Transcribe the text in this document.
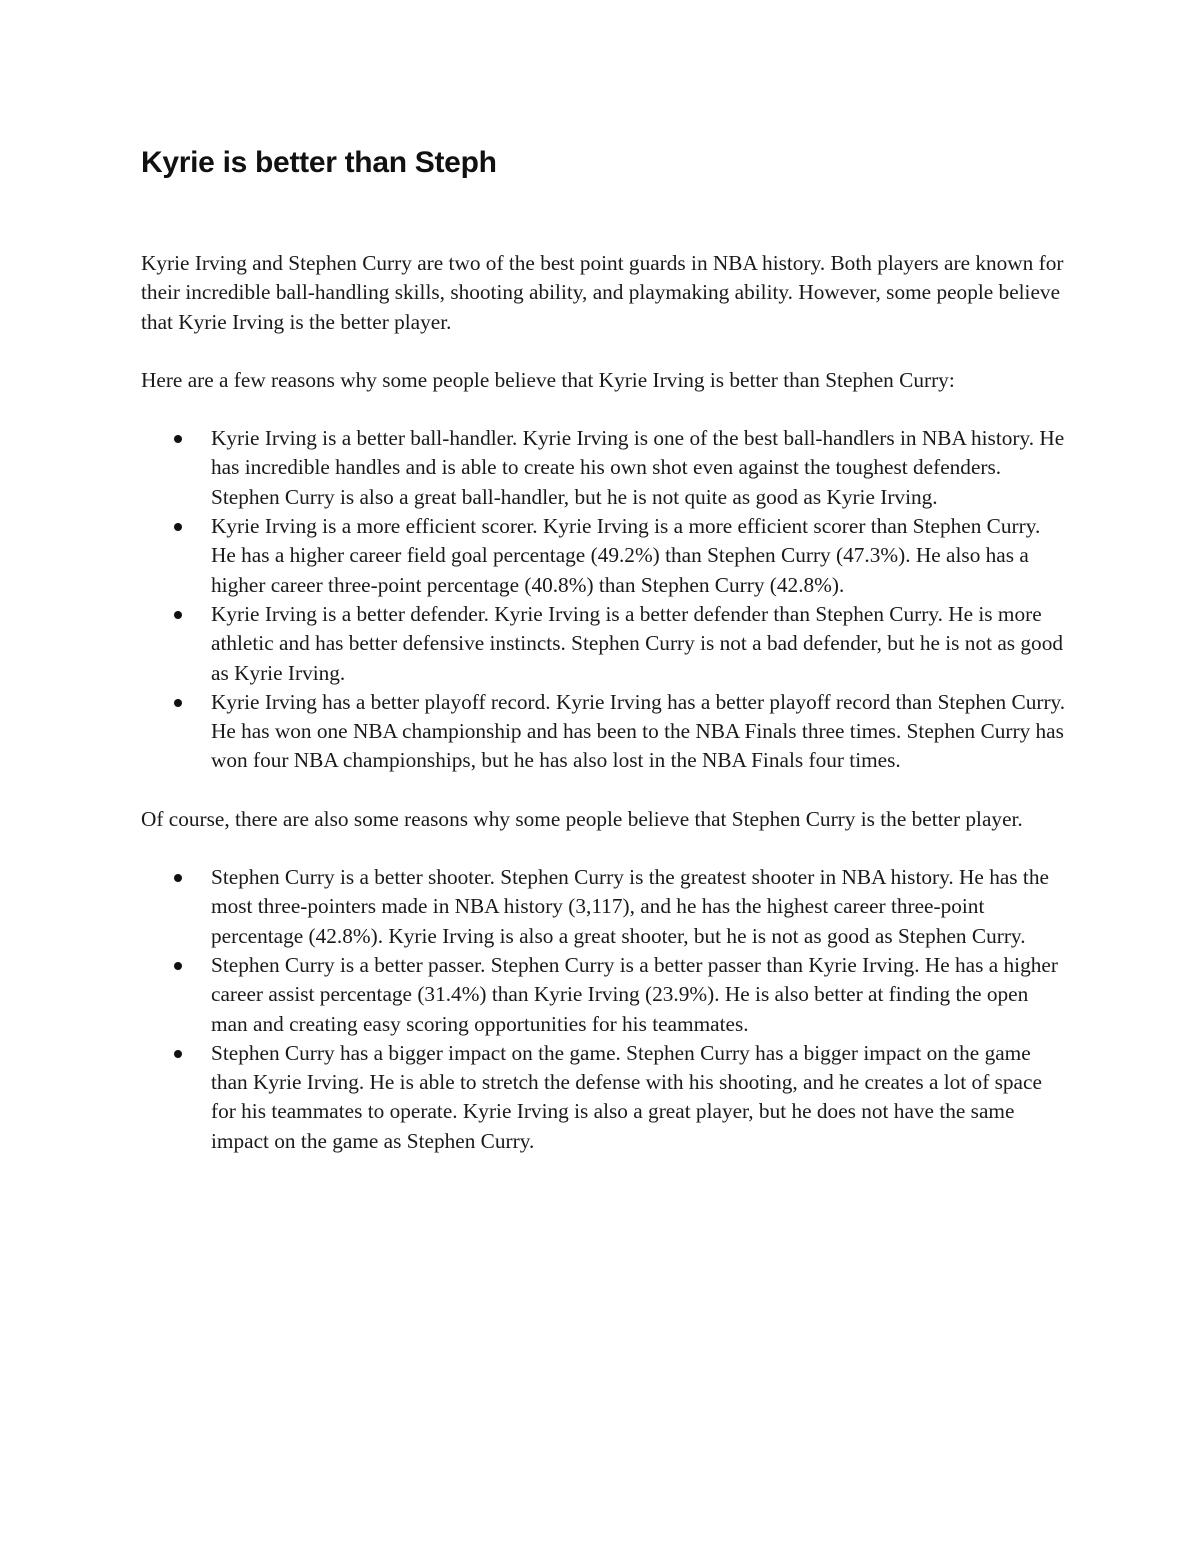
Kyrie is better than Steph

Kyrie Irving and Stephen Curry are two of the best point guards in NBA history. Both players are known for their incredible ball-handling skills, shooting ability, and playmaking ability. However, some people believe that Kyrie Irving is the better player.

Here are a few reasons why some people believe that Kyrie Irving is better than Stephen Curry:

Kyrie Irving is a better ball-handler. Kyrie Irving is one of the best ball-handlers in NBA history. He has incredible handles and is able to create his own shot even against the toughest defenders. Stephen Curry is also a great ball-handler, but he is not quite as good as Kyrie Irving.
Kyrie Irving is a more efficient scorer. Kyrie Irving is a more efficient scorer than Stephen Curry. He has a higher career field goal percentage (49.2%) than Stephen Curry (47.3%). He also has a higher career three-point percentage (40.8%) than Stephen Curry (42.8%).
Kyrie Irving is a better defender. Kyrie Irving is a better defender than Stephen Curry. He is more athletic and has better defensive instincts. Stephen Curry is not a bad defender, but he is not as good as Kyrie Irving.
Kyrie Irving has a better playoff record. Kyrie Irving has a better playoff record than Stephen Curry. He has won one NBA championship and has been to the NBA Finals three times. Stephen Curry has won four NBA championships, but he has also lost in the NBA Finals four times.

Of course, there are also some reasons why some people believe that Stephen Curry is the better player.

Stephen Curry is a better shooter. Stephen Curry is the greatest shooter in NBA history. He has the most three-pointers made in NBA history (3,117), and he has the highest career three-point percentage (42.8%). Kyrie Irving is also a great shooter, but he is not as good as Stephen Curry.
Stephen Curry is a better passer. Stephen Curry is a better passer than Kyrie Irving. He has a higher career assist percentage (31.4%) than Kyrie Irving (23.9%). He is also better at finding the open man and creating easy scoring opportunities for his teammates.
Stephen Curry has a bigger impact on the game. Stephen Curry has a bigger impact on the game than Kyrie Irving. He is able to stretch the defense with his shooting, and he creates a lot of space for his teammates to operate. Kyrie Irving is also a great player, but he does not have the same impact on the game as Stephen Curry.
